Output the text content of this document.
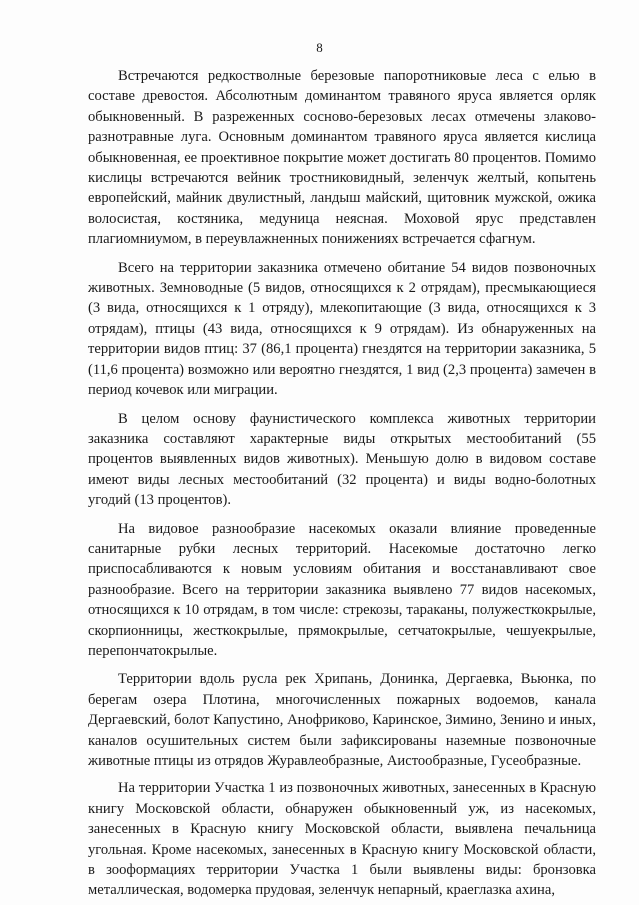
8

Встречаются редкостволные березовые папоротниковые леса с елью в составе древостоя. Абсолютным доминантом травяного яруса является орляк обыкновенный. В разреженных сосново-березовых лесах отмечены злаково-разнотравные луга. Основным доминантом травяного яруса является кислица обыкновенная, ее проективное покрытие может достигать 80 процентов. Помимо кислицы встречаются вейник тростниковидный, зеленчук желтый, копытень европейский, майник двулистный, ландыш майский, щитовник мужской, ожика волосистая, костяника, медуница неясная. Моховой ярус представлен плагиомниумом, в переувлажненных понижениях встречается сфагнум.

Всего на территории заказника отмечено обитание 54 видов позвоночных животных. Земноводные (5 видов, относящихся к 2 отрядам), пресмыкающиеся (3 вида, относящихся к 1 отряду), млекопитающие (3 вида, относящихся к 3 отрядам), птицы (43 вида, относящихся к 9 отрядам). Из обнаруженных на территории видов птиц: 37 (86,1 процента) гнездятся на территории заказника, 5 (11,6 процента) возможно или вероятно гнездятся, 1 вид (2,3 процента) замечен в период кочевок или миграции.

В целом основу фаунистического комплекса животных территории заказника составляют характерные виды открытых местообитаний (55 процентов выявленных видов животных). Меньшую долю в видовом составе имеют виды лесных местообитаний (32 процента) и виды водно-болотных угодий (13 процентов).

На видовое разнообразие насекомых оказали влияние проведенные санитарные рубки лесных территорий. Насекомые достаточно легко приспосабливаются к новым условиям обитания и восстанавливают свое разнообразие. Всего на территории заказника выявлено 77 видов насекомых, относящихся к 10 отрядам, в том числе: стрекозы, тараканы, полужесткокрылые, скорпионницы, жесткокрылые, прямокрылые, сетчатокрылые, чешуекрылые, перепончатокрылые.

Территории вдоль русла рек Хрипань, Донинка, Дергаевка, Вьюнка, по берегам озера Плотина, многочисленных пожарных водоемов, канала Дергаевский, болот Капустино, Анофриково, Каринское, Зимино, Зенино и иных, каналов осушительных систем были зафиксированы наземные позвоночные животные птицы из отрядов Журавлеобразные, Аистообразные, Гусеобразные.

На территории Участка 1 из позвоночных животных, занесенных в Красную книгу Московской области, обнаружен обыкновенный уж, из насекомых, занесенных в Красную книгу Московской области, выявлена печальница угольная. Кроме насекомых, занесенных в Красную книгу Московской области, в зооформациях территории Участка 1 были выявлены виды: бронзовка металлическая, водомерка прудовая, зеленчук непарный, краеглазка ахина,
